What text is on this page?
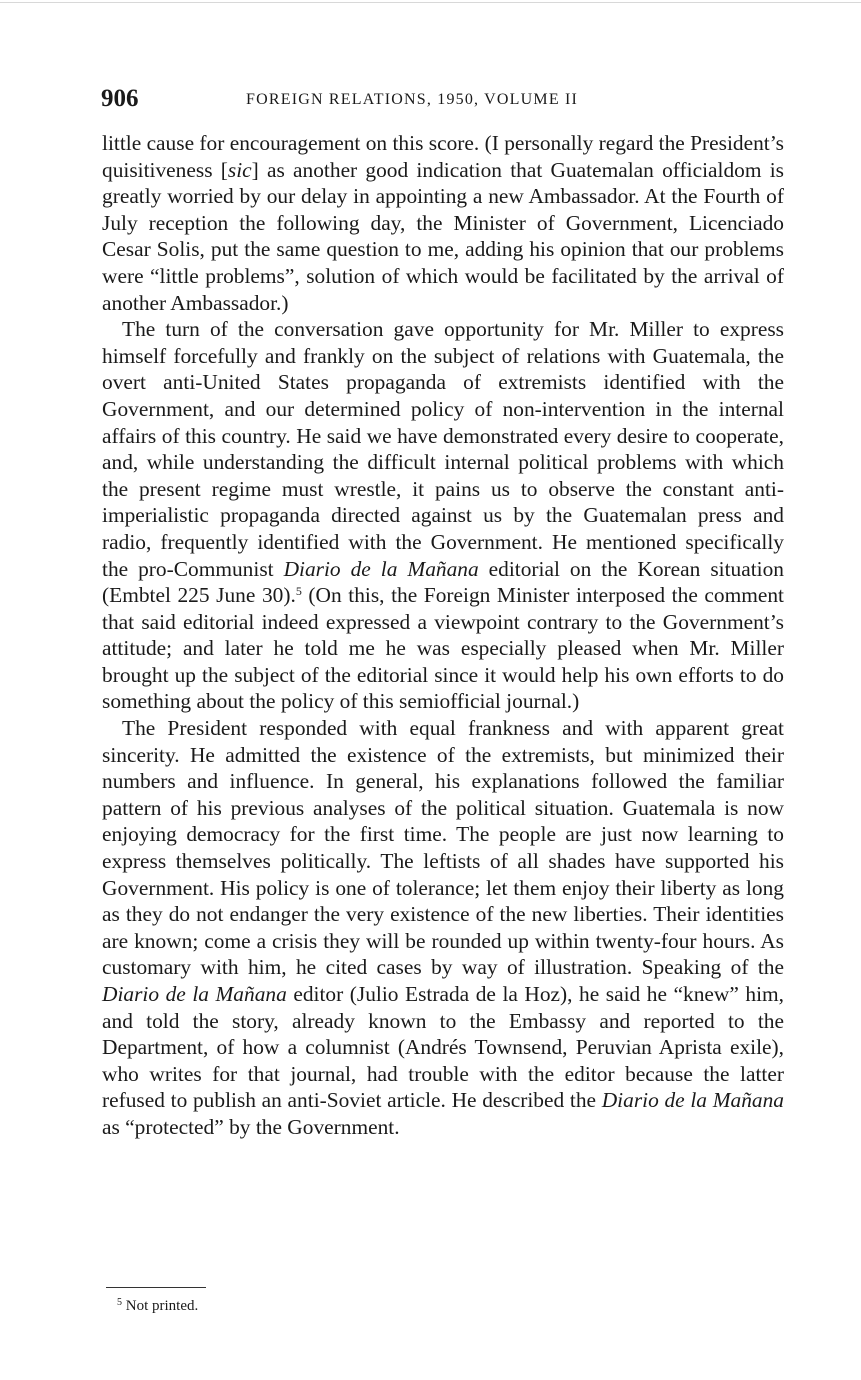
906	FOREIGN RELATIONS, 1950, VOLUME II

little cause for encouragement on this score. (I personally regard the President’s quisitiveness [sic] as another good indication that Guatemalan officialdom is greatly worried by our delay in appointing a new Ambassador. At the Fourth of July reception the following day, the Minister of Government, Licenciado Cesar Solis, put the same question to me, adding his opinion that our problems were “little problems”, solution of which would be facilitated by the arrival of another Ambassador.)

The turn of the conversation gave opportunity for Mr. Miller to express himself forcefully and frankly on the subject of relations with Guatemala, the overt anti-United States propaganda of extremists identified with the Government, and our determined policy of non-intervention in the internal affairs of this country. He said we have demonstrated every desire to cooperate, and, while understanding the difficult internal political problems with which the present regime must wrestle, it pains us to observe the constant anti-imperialistic propaganda directed against us by the Guatemalan press and radio, frequently identified with the Government. He mentioned specifically the pro-Communist Diario de la Mañana editorial on the Korean situation (Embtel 225 June 30).$^5$ (On this, the Foreign Minister interposed the comment that said editorial indeed expressed a viewpoint contrary to the Government’s attitude; and later he told me he was especially pleased when Mr. Miller brought up the subject of the editorial since it would help his own efforts to do something about the policy of this semiofficial journal.)

The President responded with equal frankness and with apparent great sincerity. He admitted the existence of the extremists, but minimized their numbers and influence. In general, his explanations followed the familiar pattern of his previous analyses of the political situation. Guatemala is now enjoying democracy for the first time. The people are just now learning to express themselves politically. The leftists of all shades have supported his Government. His policy is one of tolerance; let them enjoy their liberty as long as they do not endanger the very existence of the new liberties. Their identities are known; come a crisis they will be rounded up within twenty-four hours. As customary with him, he cited cases by way of illustration. Speaking of the Diario de la Mañana editor (Julio Estrada de la Hoz), he said he “knew” him, and told the story, already known to the Embassy and reported to the Department, of how a columnist (Andrés Townsend, Peruvian Aprista exile), who writes for that journal, had trouble with the editor because the latter refused to publish an anti-Soviet article. He described the Diario de la Mañana as “protected” by the Government.

$^5$ Not printed.
